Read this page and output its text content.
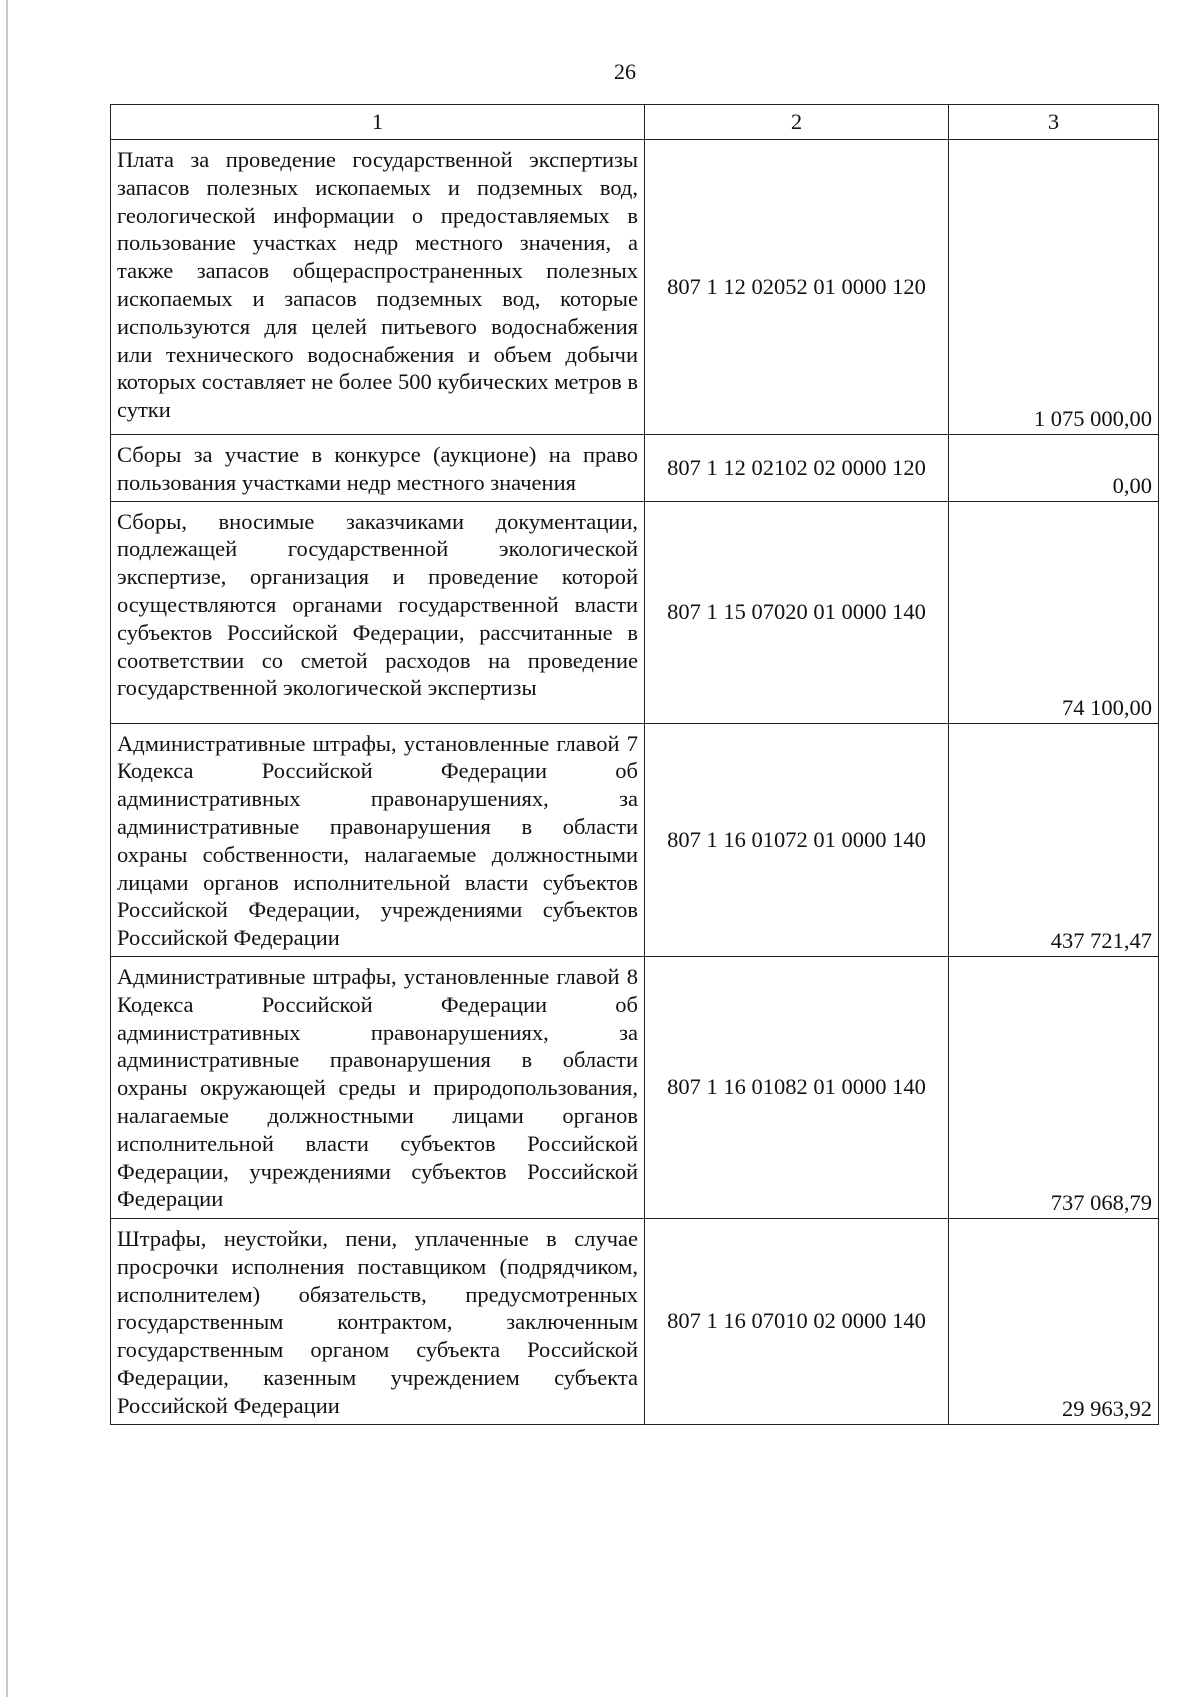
26
1	2	3
Плата за проведение государственной экспертизы запасов полезных ископаемых и подземных вод, геологической информации о предоставляемых в пользование участках недр местного значения, а также запасов общераспространенных полезных ископаемых и запасов подземных вод, которые используются для целей питьевого водоснабжения или технического водоснабжения и объем добычи которых составляет не более 500 кубических метров в сутки	807 1 12 02052 01 0000 120	1 075 000,00
Сборы за участие в конкурсе (аукционе) на право пользования участками недр местного значения	807 1 12 02102 02 0000 120	0,00
Сборы, вносимые заказчиками документации, подлежащей государственной экологической экспертизе, организация и проведение которой осуществляются органами государственной власти субъектов Российской Федерации, рассчитанные в соответствии со сметой расходов на проведение государственной экологической экспертизы	807 1 15 07020 01 0000 140	74 100,00
Административные штрафы, установленные главой 7 Кодекса Российской Федерации об административных правонарушениях, за административные правонарушения в области охраны собственности, налагаемые должностными лицами органов исполнительной власти субъектов Российской Федерации, учреждениями субъектов Российской Федерации	807 1 16 01072 01 0000 140	437 721,47
Административные штрафы, установленные главой 8 Кодекса Российской Федерации об административных правонарушениях, за административные правонарушения в области охраны окружающей среды и природопользования, налагаемые должностными лицами органов исполнительной власти субъектов Российской Федерации, учреждениями субъектов Российской Федерации	807 1 16 01082 01 0000 140	737 068,79
Штрафы, неустойки, пени, уплаченные в случае просрочки исполнения поставщиком (подрядчиком, исполнителем) обязательств, предусмотренных государственным контрактом, заключенным государственным органом субъекта Российской Федерации, казенным учреждением субъекта Российской Федерации	807 1 16 07010 02 0000 140	29 963,92
